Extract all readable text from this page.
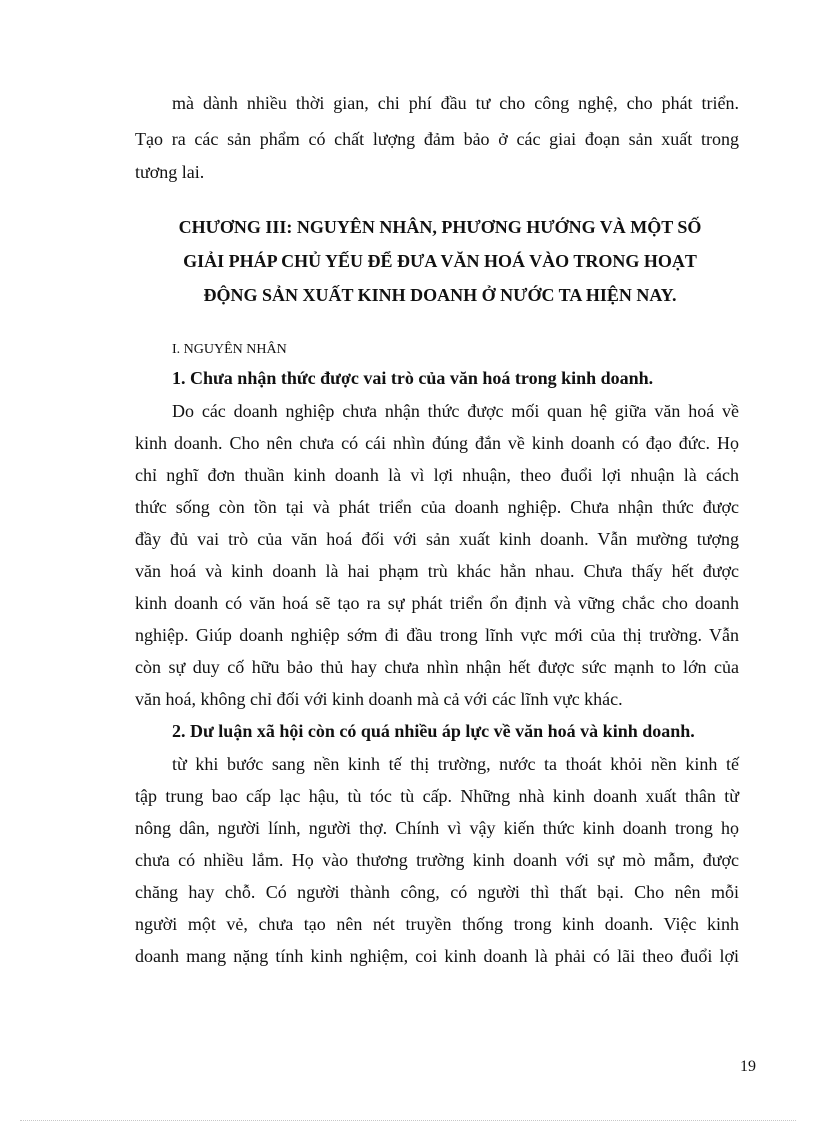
mà dành nhiều thời gian, chi phí đầu tư cho công nghệ, cho phát triển.
Tạo ra các sản phẩm có chất lượng đảm bảo ở các giai đoạn sản xuất trong
tương lai.
CHƯƠNG III: NGUYÊN NHÂN, PHƯƠNG HƯỚNG VÀ MỘT SỐ
GIẢI PHÁP CHỦ YẾU ĐỂ ĐƯA VĂN HOÁ VÀO TRONG HOẠT
ĐỘNG SẢN XUẤT KINH DOANH Ở NƯỚC TA HIỆN NAY.
I. NGUYÊN NHÂN
1. Chưa nhận thức được vai trò của văn hoá trong kinh doanh.
Do các doanh nghiệp chưa nhận thức được mối quan hệ giữa văn hoá về
kinh doanh. Cho nên chưa có cái nhìn đúng đắn về kinh doanh có đạo đức. Họ
chỉ nghĩ đơn thuần kinh doanh là vì lợi nhuận, theo đuổi lợi nhuận là cách
thức sống còn tồn tại và phát triển của doanh nghiệp. Chưa nhận thức được
đầy đủ vai trò của văn hoá đối với sản xuất kinh doanh. Vẫn mường tượng
văn hoá và kinh doanh là hai phạm trù khác hẳn nhau. Chưa thấy hết được
kinh doanh có văn hoá sẽ tạo ra sự phát triển ổn định và vững chắc cho doanh
nghiệp. Giúp doanh nghiệp sớm đi đầu trong lĩnh vực mới của thị trường. Vẫn
còn sự duy cố hữu bảo thủ hay chưa nhìn nhận hết được sức mạnh to lớn của
văn hoá, không chỉ đối với kinh doanh mà cả với các lĩnh vực khác.
2. Dư luận xã hội còn có quá nhiều áp lực về văn hoá và kinh doanh.
từ khi bước sang nền kinh tế thị trường, nước ta thoát khỏi nền kinh tế
tập trung bao cấp lạc hậu, tù tóc tù cấp. Những nhà kinh doanh xuất thân từ
nông dân, người lính, người thợ. Chính vì vậy kiến thức kinh doanh trong họ
chưa có nhiều lắm. Họ vào thương trường kinh doanh với sự mò mẫm, được
chăng hay chỗ. Có người thành công, có người thì thất bại. Cho nên mỗi
người một vẻ, chưa tạo nên nét truyền thống trong kinh doanh. Việc kinh
doanh mang nặng tính kinh nghiệm, coi kinh doanh là phải có lãi theo đuổi lợi
19
